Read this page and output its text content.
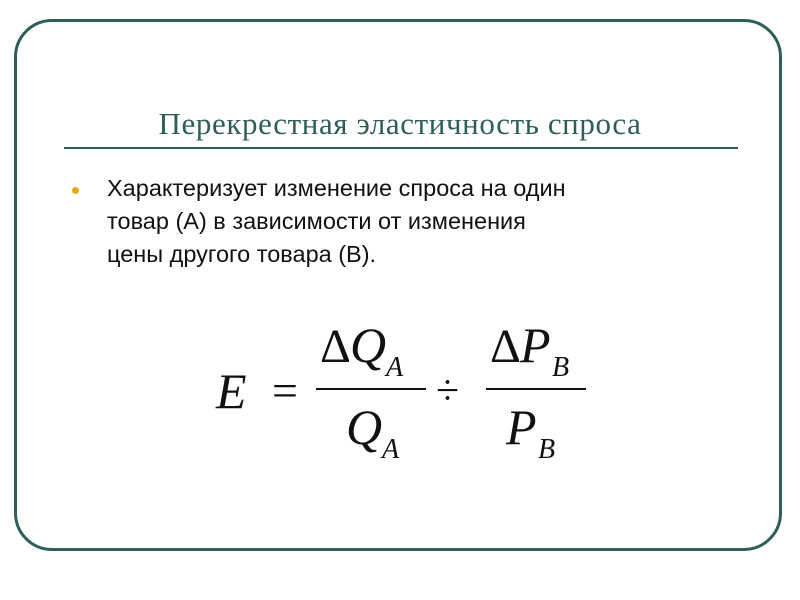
Перекрестная эластичность спроса
Характеризует изменение спроса на один
товар (А) в зависимости от изменения
цены другого товара (В).
E =
Δ Q A
Q A
÷
Δ P B
P B
